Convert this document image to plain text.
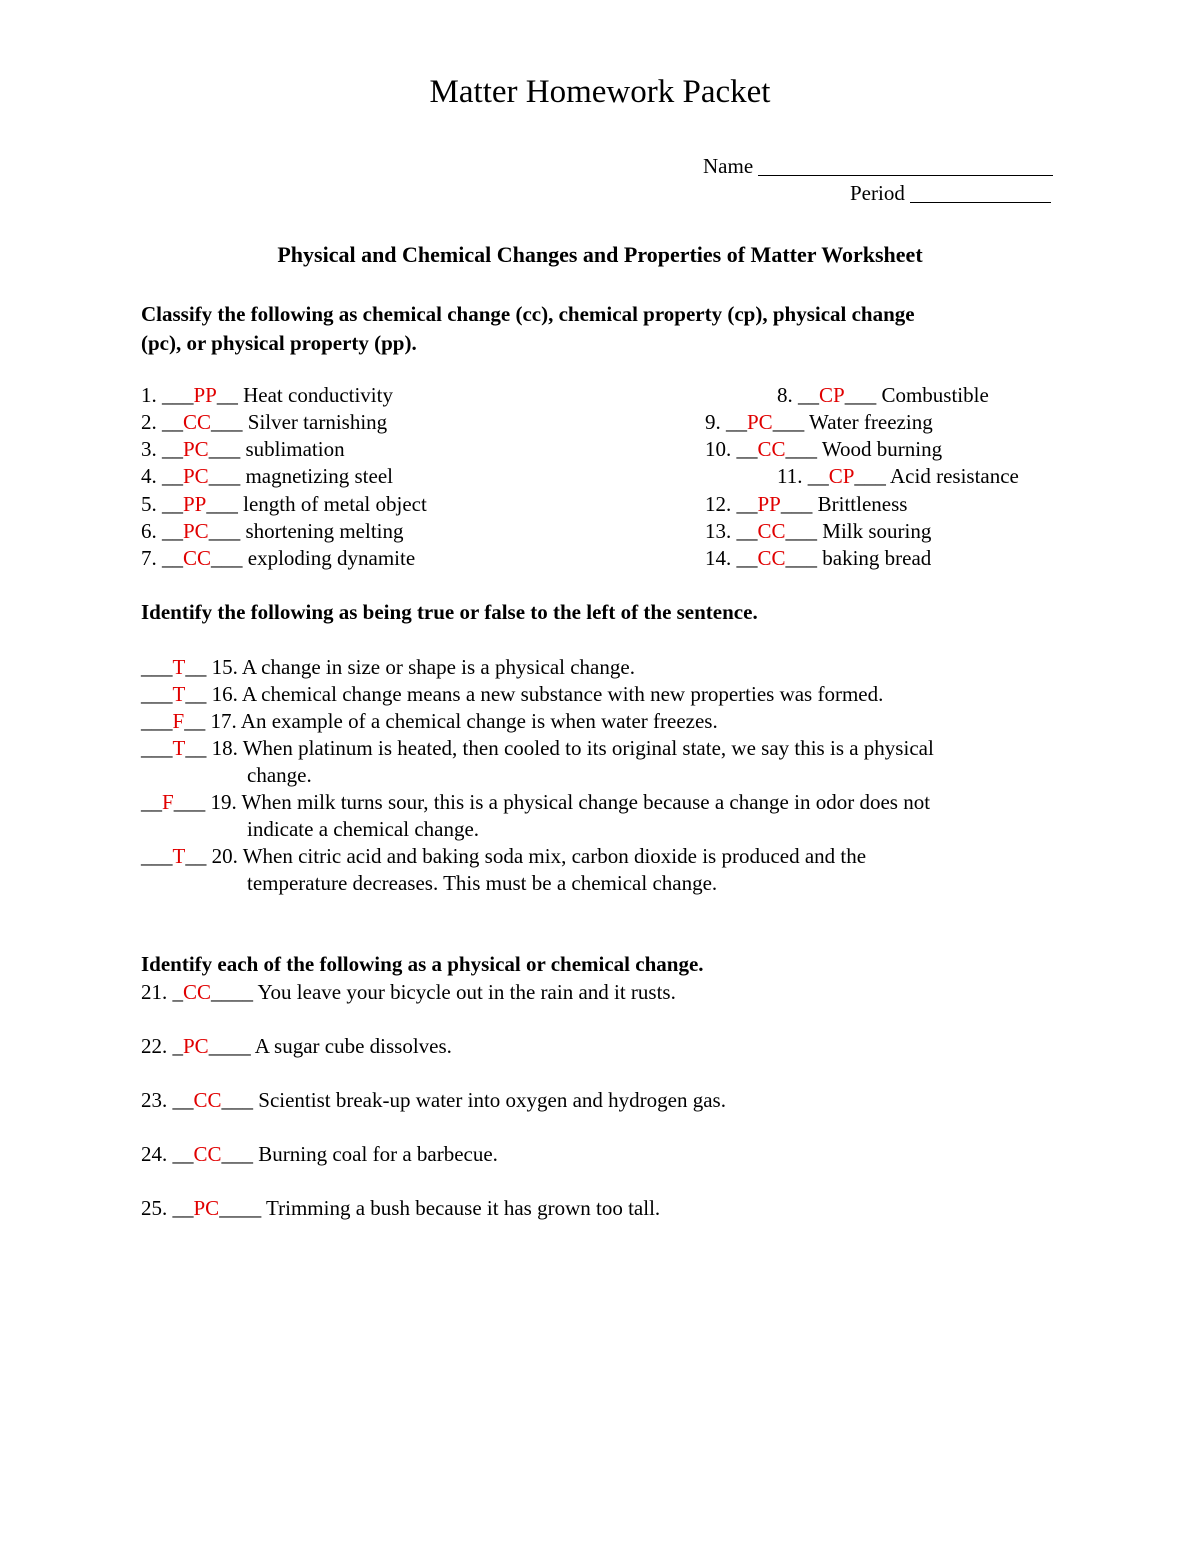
Matter Homework Packet
Name
Period
Physical and Chemical Changes and Properties of Matter Worksheet
Classify the following as chemical change (cc), chemical property (cp), physical change
(pc), or physical property (pp).
1. ___PP__ Heat conductivity
2. __CC___ Silver tarnishing
3. __PC___ sublimation
4. __PC___ magnetizing steel
5. __PP___ length of metal object
6. __PC___ shortening melting
7. __CC___ exploding dynamite
8. __CP___ Combustible
9. __PC___ Water freezing
10. __CC___ Wood burning
11. __CP___ Acid resistance
12. __PP___ Brittleness
13. __CC___ Milk souring
14. __CC___ baking bread
Identify the following as being true or false to the left of the sentence.
___T__ 15. A change in size or shape is a physical change.
___T__ 16. A chemical change means a new substance with new properties was formed.
___F__ 17. An example of a chemical change is when water freezes.
___T__ 18. When platinum is heated, then cooled to its original state, we say this is a physical
change.
__F___ 19. When milk turns sour, this is a physical change because a change in odor does not
indicate a chemical change.
___T__ 20. When citric acid and baking soda mix, carbon dioxide is produced and the
temperature decreases. This must be a chemical change.
Identify each of the following as a physical or chemical change.
21. _CC____ You leave your bicycle out in the rain and it rusts.
22. _PC____ A sugar cube dissolves.
23. __CC___ Scientist break-up water into oxygen and hydrogen gas.
24. __CC___ Burning coal for a barbecue.
25. __PC____ Trimming a bush because it has grown too tall.
